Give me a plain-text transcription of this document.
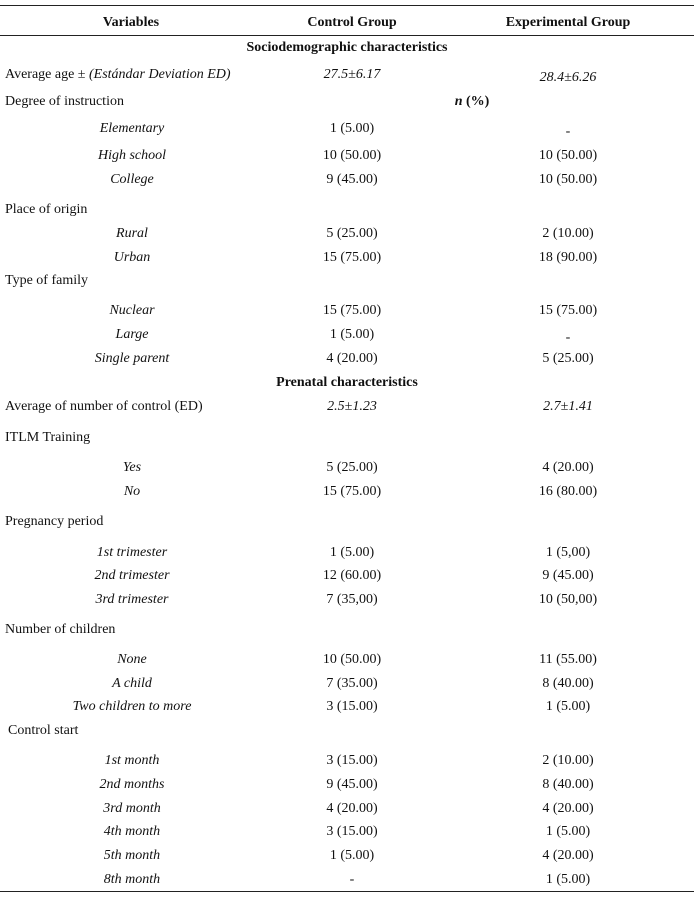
Variables	Control Group	Experimental Group
Sociodemographic characteristics
Average age ± (Estándar Deviation ED)	27.5±6.17	28.4±6.26
Degree of instruction	n (%)
Elementary	1 (5.00)	-
High school	10 (50.00)	10 (50.00)
College	9 (45.00)	10 (50.00)
Place of origin
Rural	5 (25.00)	2 (10.00)
Urban	15 (75.00)	18 (90.00)
Type of family
Nuclear	15 (75.00)	15 (75.00)
Large	1 (5.00)	-
Single parent	4 (20.00)	5 (25.00)
Prenatal characteristics
Average of number of control (ED)	2.5±1.23	2.7±1.41
ITLM Training
Yes	5 (25.00)	4 (20.00)
No	15 (75.00)	16 (80.00)
Pregnancy period
1st trimester	1 (5.00)	1 (5,00)
2nd trimester	12 (60.00)	9 (45.00)
3rd trimester	7 (35,00)	10 (50,00)
Number of children
None	10 (50.00)	11 (55.00)
A child	7 (35.00)	8 (40.00)
Two children to more	3 (15.00)	1 (5.00)
Control start
1st month	3 (15.00)	2 (10.00)
2nd months	9 (45.00)	8 (40.00)
3rd month	4 (20.00)	4 (20.00)
4th month	3 (15.00)	1 (5.00)
5th month	1 (5.00)	4 (20.00)
8th month	-	1 (5.00)
